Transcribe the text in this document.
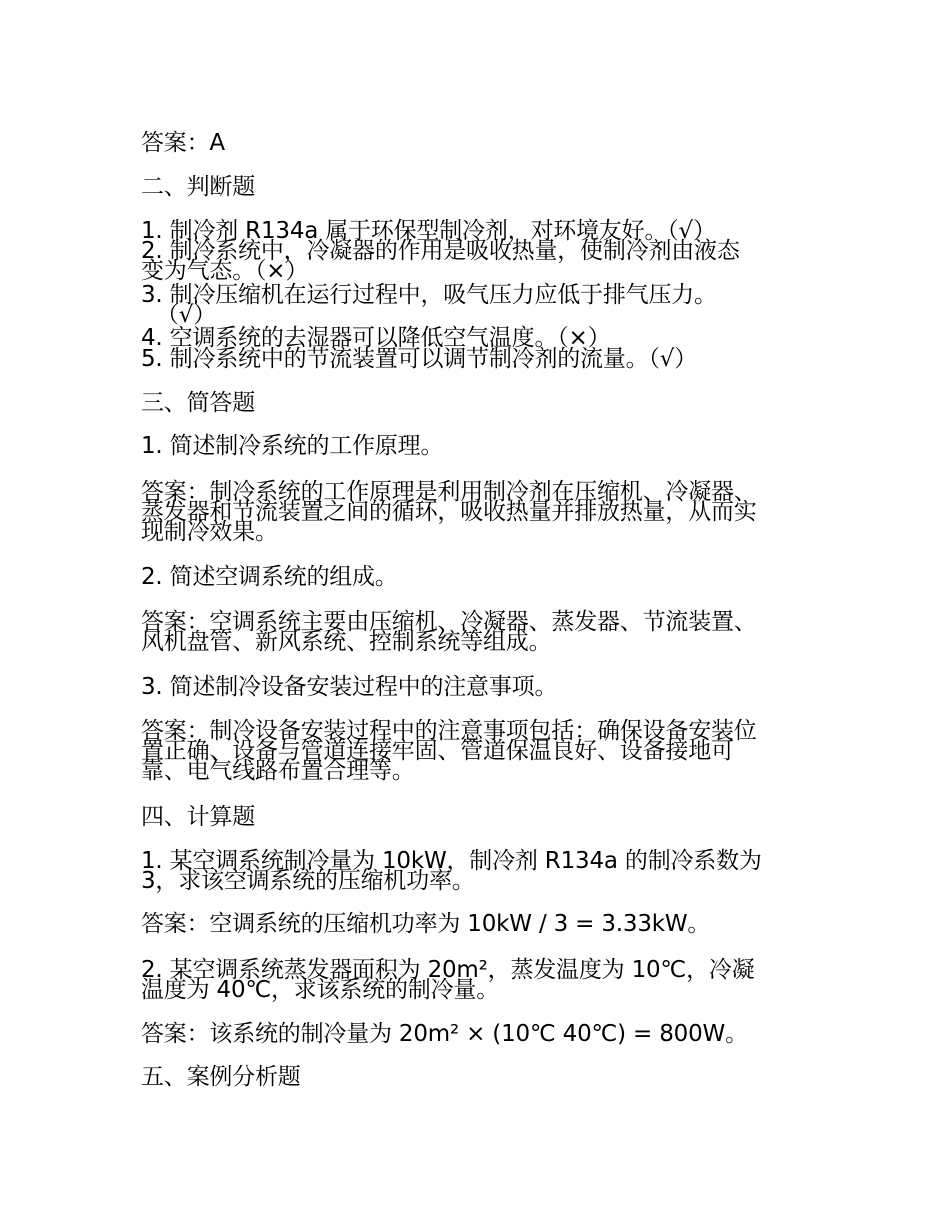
答案：A
二、判断题
1. 制冷剂 R134a 属于环保型制冷剂，对环境友好。（√）
2. 制冷系统中，冷凝器的作用是吸收热量，使制冷剂由液态
变为气态。（×）
3. 制冷压缩机在运行过程中，吸气压力应低于排气压力。
（√）
4. 空调系统的去湿器可以降低空气温度。（×）
5. 制冷系统中的节流装置可以调节制冷剂的流量。（√）
三、简答题
1. 简述制冷系统的工作原理。
答案：制冷系统的工作原理是利用制冷剂在压缩机、冷凝器、
蒸发器和节流装置之间的循环，吸收热量并排放热量，从而实
现制冷效果。
2. 简述空调系统的组成。
答案：空调系统主要由压缩机、冷凝器、蒸发器、节流装置、
风机盘管、新风系统、控制系统等组成。
3. 简述制冷设备安装过程中的注意事项。
答案：制冷设备安装过程中的注意事项包括：确保设备安装位
置正确、设备与管道连接牢固、管道保温良好、设备接地可
靠、电气线路布置合理等。
四、计算题
1. 某空调系统制冷量为 10kW，制冷剂 R134a 的制冷系数为
3，求该空调系统的压缩机功率。
答案：空调系统的压缩机功率为 10kW / 3 = 3.33kW。
2. 某空调系统蒸发器面积为 20m²，蒸发温度为 10℃，冷凝
温度为 40℃，求该系统的制冷量。
答案：该系统的制冷量为 20m² × (10℃ 40℃) = 800W。
五、案例分析题
